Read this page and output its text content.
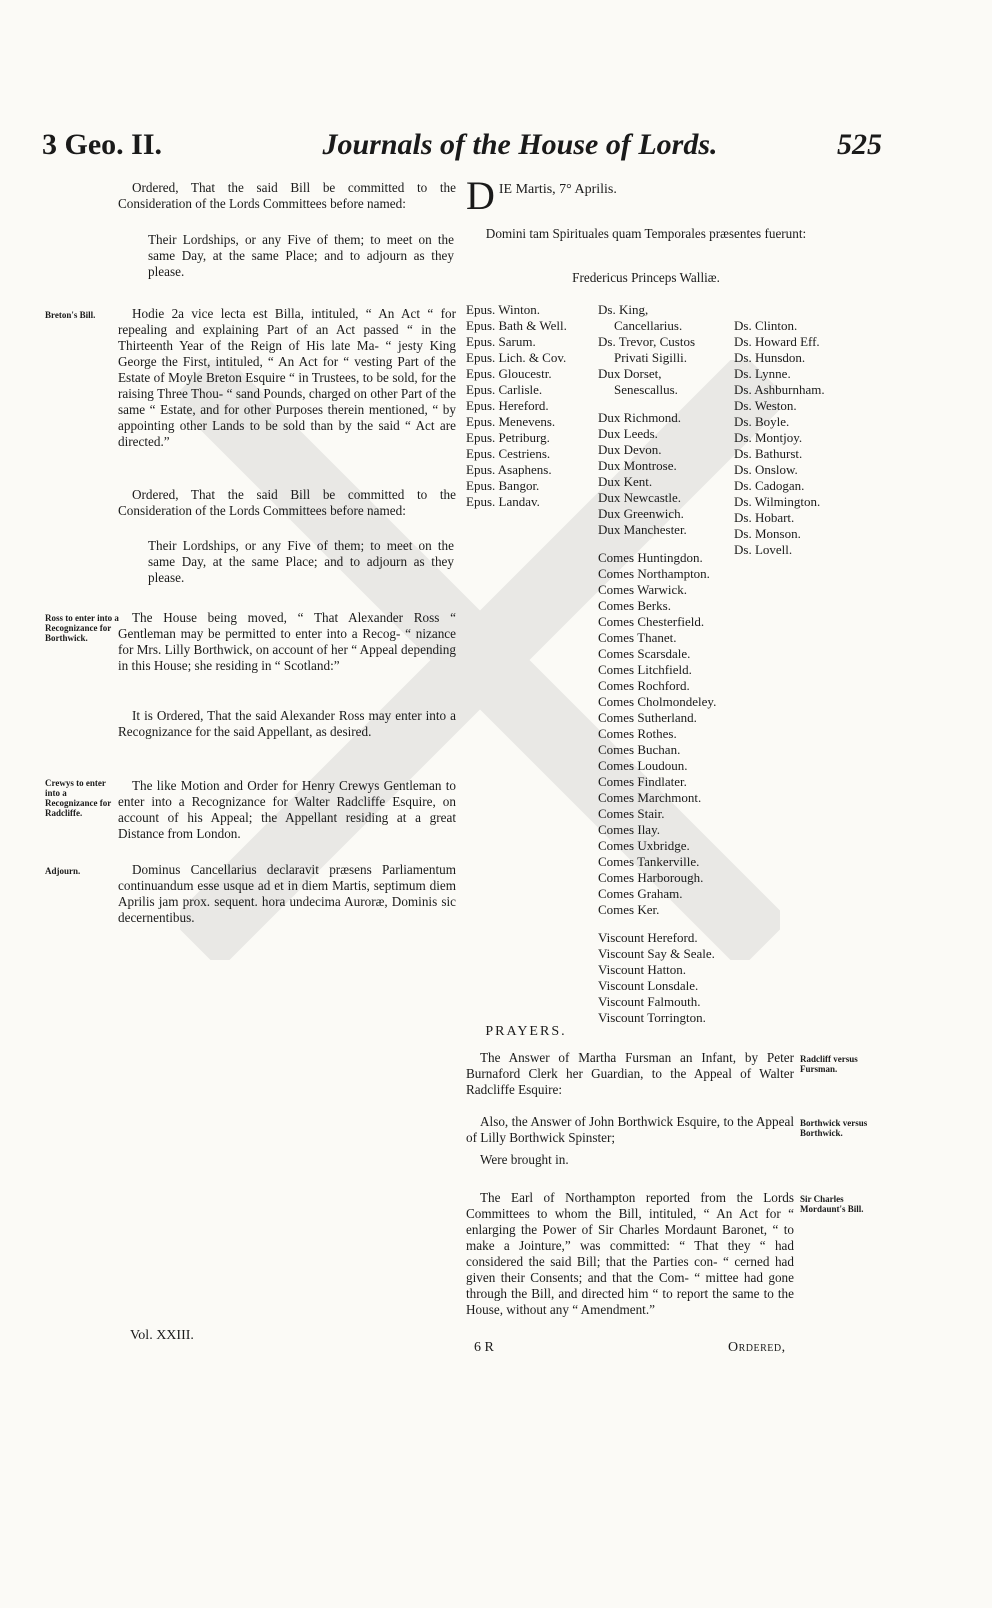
3 Geo. II.	Journals of the House of Lords.	525
Ordered, That the said Bill be committed to the Consideration of the Lords Committees before named:
Their Lordships, or any Five of them; to meet on the same Day, at the same Place; and to adjourn as they please.
Breton's Bill.	Hodie 2a vice lecta est Billa, intituled, “ An Act “ for repealing and explaining Part of an Act passed “ in the Thirteenth Year of the Reign of His late Ma- “ jesty King George the First, intituled, “ An Act for “ vesting Part of the Estate of Moyle Breton Esquire “ in Trustees, to be sold, for the raising Three Thou- “ sand Pounds, charged on other Part of the same “ Estate, and for other Purposes therein mentioned, “ by appointing other Lands to be sold than by the said “ Act are directed.”
Ordered, That the said Bill be committed to the Consideration of the Lords Committees before named:
Their Lordships, or any Five of them; to meet on the same Day, at the same Place; and to adjourn as they please.
Ross to enter into a Recognizance for Borthwick.
The House being moved, “ That Alexander Ross “ Gentleman may be permitted to enter into a Recog- “ nizance for Mrs. Lilly Borthwick, on account of her “ Appeal depending in this House; she residing in “ Scotland:”
It is Ordered, That the said Alexander Ross may enter into a Recognizance for the said Appellant, as desired.
Crewys to enter into a Recognizance for Radcliffe.
The like Motion and Order for Henry Crewys Gentleman to enter into a Recognizance for Walter Radcliffe Esquire, on account of his Appeal; the Appellant residing at a great Distance from London.
Adjourn.	Dominus Cancellarius declaravit præsens Parliamentum continuandum esse usque ad et in diem Martis, septimum diem Aprilis jam prox. sequent. hora undecima Auroræ, Dominis sic decernentibus.
D IE Martis, 7° Aprilis.
Domini tam Spirituales quam Temporales præsentes fuerunt:
Fredericus Princeps Walliæ.
Epus. Winton.
Epus. Bath & Well.
Epus. Sarum.
Epus. Lich. & Cov.
Epus. Gloucestr.
Epus. Carlisle.
Epus. Hereford.
Epus. Menevens.
Epus. Petriburg.
Epus. Cestriens.
Epus. Asaphens.
Epus. Bangor.
Epus. Landav.
Ds. King,
Cancellarius.
Ds. Trevor, Custos
Privati Sigilli.
Dux Dorset,
Senescallus.
Dux Richmond.
Dux Leeds.
Dux Devon.
Dux Montrose.
Dux Kent.
Dux Newcastle.
Dux Greenwich.
Dux Manchester.
Comes Huntingdon.
Comes Northampton.
Comes Warwick.
Comes Berks.
Comes Chesterfield.
Comes Thanet.
Comes Scarsdale.
Comes Litchfield.
Comes Rochford.
Comes Cholmondeley.
Comes Sutherland.
Comes Rothes.
Comes Buchan.
Comes Loudoun.
Comes Findlater.
Comes Marchmont.
Comes Stair.
Comes Ilay.
Comes Uxbridge.
Comes Tankerville.
Comes Harborough.
Comes Graham.
Comes Ker.
Viscount Hereford.
Viscount Say & Seale.
Viscount Hatton.
Viscount Lonsdale.
Viscount Falmouth.
Viscount Torrington.
Ds. Clinton.
Ds. Howard Eff.
Ds. Hunsdon.
Ds. Lynne.
Ds. Ashburnham.
Ds. Weston.
Ds. Boyle.
Ds. Montjoy.
Ds. Bathurst.
Ds. Onslow.
Ds. Cadogan.
Ds. Wilmington.
Ds. Hobart.
Ds. Monson.
Ds. Lovell.
PRAYERS.
The Answer of Martha Fursman an Infant, by Peter Burnaford Clerk her Guardian, to the Appeal of Walter Radcliffe Esquire:
Radcliff versus Fursman.
Also, the Answer of John Borthwick Esquire, to the Appeal of Lilly Borthwick Spinster;
Borthwick versus Borthwick.
Were brought in.
The Earl of Northampton reported from the Lords Committees to whom the Bill, intituled, “ An Act for “ enlarging the Power of Sir Charles Mordaunt Baronet, “ to make a Jointure,” was committed: “ That they “ had considered the said Bill; that the Parties con- “ cerned had given their Consents; and that the Com- “ mittee had gone through the Bill, and directed him “ to report the same to the House, without any “ Amendment.”
Sir Charles Mordaunt's Bill.
Vol. XXIII.
6 R	Ordered,
